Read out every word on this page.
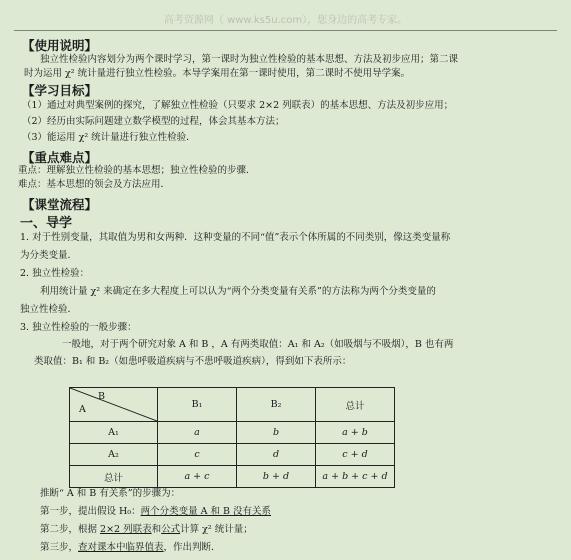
高考资源网（ www.ks5u.com），您身边的高考专家。
【使用说明】
独立性检验内容划分为两个课时学习，第一课时为独立性检验的基本思想、方法及初步应用；第二课
时为运用 χ² 统计量进行独立性检验。本导学案用在第一课时使用，第二课时不使用导学案。
【学习目标】
（1）通过对典型案例的探究，了解独立性检验（只要求 2×2 列联表）的基本思想、方法及初步应用；
（2）经历由实际问题建立数学模型的过程，体会其基本方法；
（3）能运用 χ² 统计量进行独立性检验．
【重点难点】
重点：理解独立性检验的基本思想；独立性检验的步骤．
难点：基本思想的领会及方法应用．
【课堂流程】
一、导学
1. 对于性别变量，其取值为男和女两种．这种变量的不同“值”表示个体所属的不同类别，像这类变量称
为分类变量．
2. 独立性检验：
利用统计量 χ² 来确定在多大程度上可以认为“两个分类变量有关系”的方法称为两个分类变量的
独立性检验．
3. 独立性检验的一般步骤：
一般地，对于两个研究对象 A 和 B ，A 有两类取值：A₁ 和 A₂（如吸烟与不吸烟），B 也有两
类取值：B₁ 和 B₂（如患呼吸道疾病与不患呼吸道疾病），得到如下表所示：
B
A	B₁	B₂	总计
A₁	a	b	a + b
A₂	c	d	c + d
总计	a + c	b + d	a + b + c + d
推断“ A 和 B 有关系”的步骤为：
第一步，提出假设 H₀：两个分类变量 A 和 B 没有关系
第二步，根据 2×2 列联表和公式计算 χ² 统计量；
第三步，查对课本中临界值表，作出判断．
